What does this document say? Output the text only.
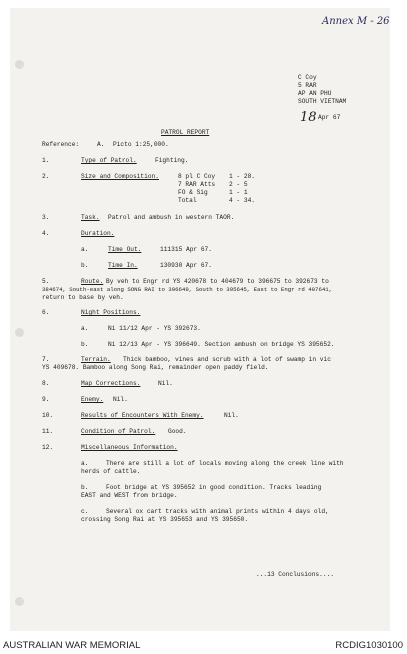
Annex M - 26
C Coy
5 RAR
AP AN PHU
SOUTH VIETNAM
18 Apr 67
PATROL REPORT
Reference:	A. Picto 1:25,000.
1.	Type of Patrol.	Fighting.
2.	Size and Composition.	8 pl C Coy 1 - 28.
7 RAR Atts 2 - 5
FO & Sig	1 - 1
Total	4 - 34.
3.	Task. Patrol and ambush in western TAOR.
4.	Duration.
a.	Time Out.	111315 Apr 67.
b.	Time In.	130930 Apr 67.
5.	Route. By veh to Engr rd YS 420678 to 404679 to 396675 to 392673 to
384674, South-east along SONG RAI to 396649, South to 395645, East to Engr rd 407641,
return to base by veh.
6.	Night Positions.
a.	Ni 11/12 Apr - YS 392673.
b.	Ni 12/13 Apr - YS 396649. Section ambush on bridge YS 395652.
7.	Terrain. Thick bamboo, vines and scrub with a lot of swamp in vic
YS 409678. Bamboo along Song Rai, remainder open paddy field.
8.	Map Corrections.	Nil.
9.	Enemy. Nil.
10.	Results of Encounters With Enemy.	Nil.
11.	Condition of Patrol. Good.
12.	Miscellaneous Information.
a.	There are still a lot of locals moving along the creek line with
herds of cattle.
b.	Foot bridge at YS 395652 in good condition. Tracks leading
EAST and WEST from bridge.
c.	Several ox cart tracks with animal prints within 4 days old,
crossing Song Rai at YS 395653 and YS 395650.
...13 Conclusions....
AUSTRALIAN WAR MEMORIAL	RCDIG1030100
